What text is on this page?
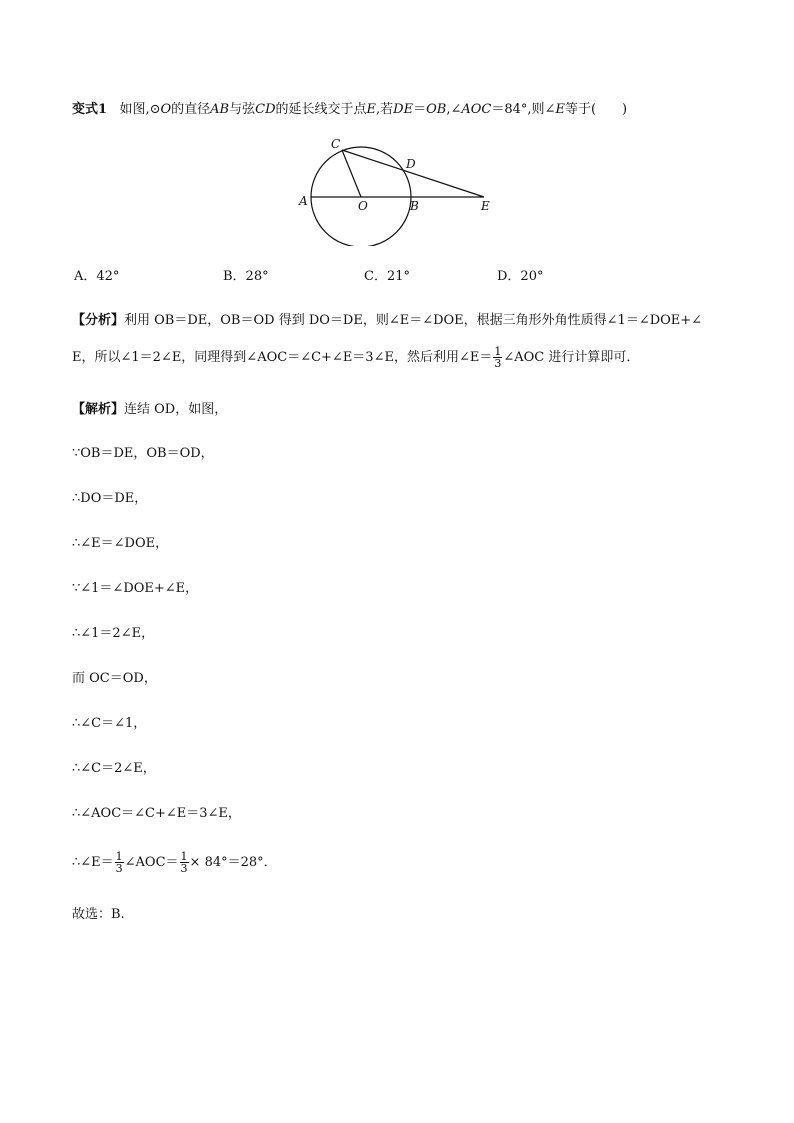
变式1 如图,⊙O的直径AB与弦CD的延长线交于点E,若DE＝OB,∠AOC＝84°,则∠E等于(　　)
C
D
A	O	B	E
A．42°	B．28°	C．21°	D．20°
【分析】利用 OB＝DE，OB＝OD 得到 DO＝DE，则∠E＝∠DOE，根据三角形外角性质得∠1＝∠DOE+∠
E，所以∠1＝2∠E，同理得到∠AOC＝∠C+∠E＝3∠E，然后利用∠E＝ $\frac{1}{3}$ ∠AOC 进行计算即可．
【解析】连结 OD，如图，
∵OB＝DE，OB＝OD，
∴DO＝DE，
∴∠E＝∠DOE，
∵∠1＝∠DOE+∠E，
∴∠1＝2∠E，
而 OC＝OD，
∴∠C＝∠1，
∴∠C＝2∠E，
∴∠AOC＝∠C+∠E＝3∠E，
∴∠E＝ $\frac{1}{3}$ ∠AOC＝ $\frac{1}{3} \times 84^\circ=28^\circ$．
故选：B.
